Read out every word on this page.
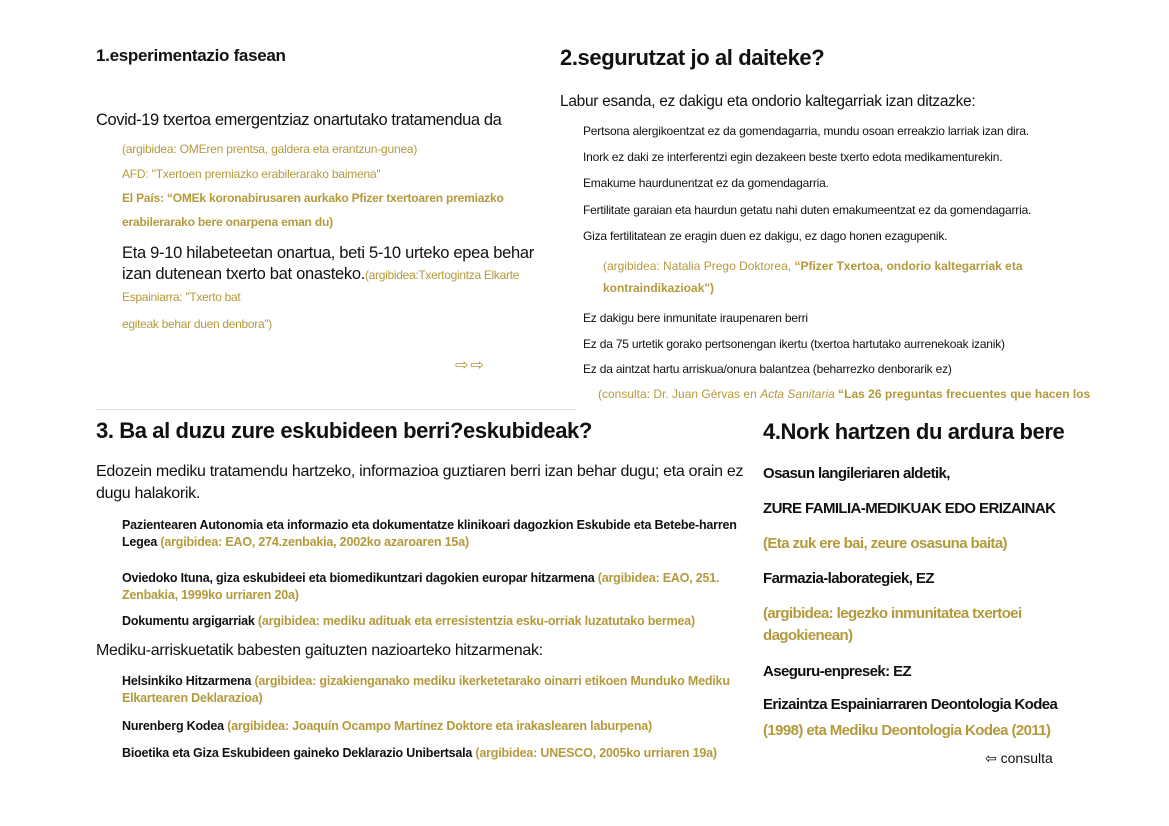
1.esperimentazio fasean
Covid-19 txertoa emergentziaz onartutako tratamendua da
(argibidea: OMEren prentsa, galdera eta erantzun-gunea)
AFD: "Txertoen premiazko erabilerarako baimena"
El País: “OMEk koronabirusaren aurkako Pfizer txertoaren premiazko
erabilerarako bere onarpena eman du)
Eta 9-10 hilabeteetan onartua, beti 5-10 urteko epea behar izan dutenean txerto bat onasteko.(argibidea:Txertogintza Elkarte Espainiarra: "Txerto bat
egiteak behar duen denbora")
⇨⇨
2.segurutzat jo al daiteke?
Labur esanda, ez dakigu eta ondorio kaltegarriak izan ditzazke:
Pertsona alergikoentzat ez da gomendagarria, mundu osoan erreakzio larriak izan dira.
Inork ez daki ze interferentzi egin dezakeen beste txerto edota medikamenturekin.
Emakume haurdunentzat ez da gomendagarria.
Fertilitate garaian eta haurdun getatu nahi duten emakumeentzat ez da gomendagarria.
Giza fertilitatean ze eragin duen ez dakigu, ez dago honen ezagupenik.
(argibidea: Natalia Prego Doktorea, “Pfizer Txertoa, ondorio kaltegarriak eta kontraindikazioak")
Ez dakigu bere inmunitate iraupenaren berri
Ez da 75 urtetik gorako pertsonengan ikertu (txertoa hartutako aurrenekoak izanik)
Ez da aintzat hartu arriskua/onura balantzea (beharrezko denborarik ez)
(consulta: Dr. Juan Gérvas en Acta Sanitaria “Las 26 preguntas frecuentes que hacen los
3. Ba al duzu zure eskubideen berri?eskubideak?
Edozein mediku tratamendu hartzeko, informazioa guztiaren berri izan behar dugu; eta orain ez dugu halakorik.
Pazientearen Autonomia eta informazio eta dokumentatze klinikoari dagozkion Eskubide eta Betebe-harren Legea (argibidea: EAO, 274.zenbakia, 2002ko azaroaren 15a)
Oviedoko Ituna, giza eskubideei eta biomedikuntzari dagokien europar hitzarmena (argibidea: EAO, 251. Zenbakia, 1999ko urriaren 20a)
Dokumentu argigarriak (argibidea: mediku adituak eta erresistentzia esku-orriak luzatutako bermea)
Mediku-arriskuetatik babesten gaituzten nazioarteko hitzarmenak:
Helsinkiko Hitzarmena (argibidea: gizakienganako mediku ikerketetarako oinarri etikoen Munduko Mediku Elkartearen Deklarazioa)
Nurenberg Kodea (argibidea: Joaquín Ocampo Martínez Doktore eta irakaslearen laburpena)
Bioetika eta Giza Eskubideen gaineko Deklarazio Unibertsala (argibidea: UNESCO, 2005ko urriaren 19a)
4.Nork hartzen du ardura bere
Osasun langileriaren aldetik,
ZURE FAMILIA-MEDIKUAK EDO ERIZAINAK
(Eta zuk ere bai, zeure osasuna baita)
Farmazia-laborategiek, EZ
(argibidea: legezko inmunitatea txertoei dagokienean)
Aseguru-enpresek: EZ
Erizaintza Espainiarraren Deontologia Kodea
(1998) eta Mediku Deontologia Kodea (2011)
⇦ consulta
